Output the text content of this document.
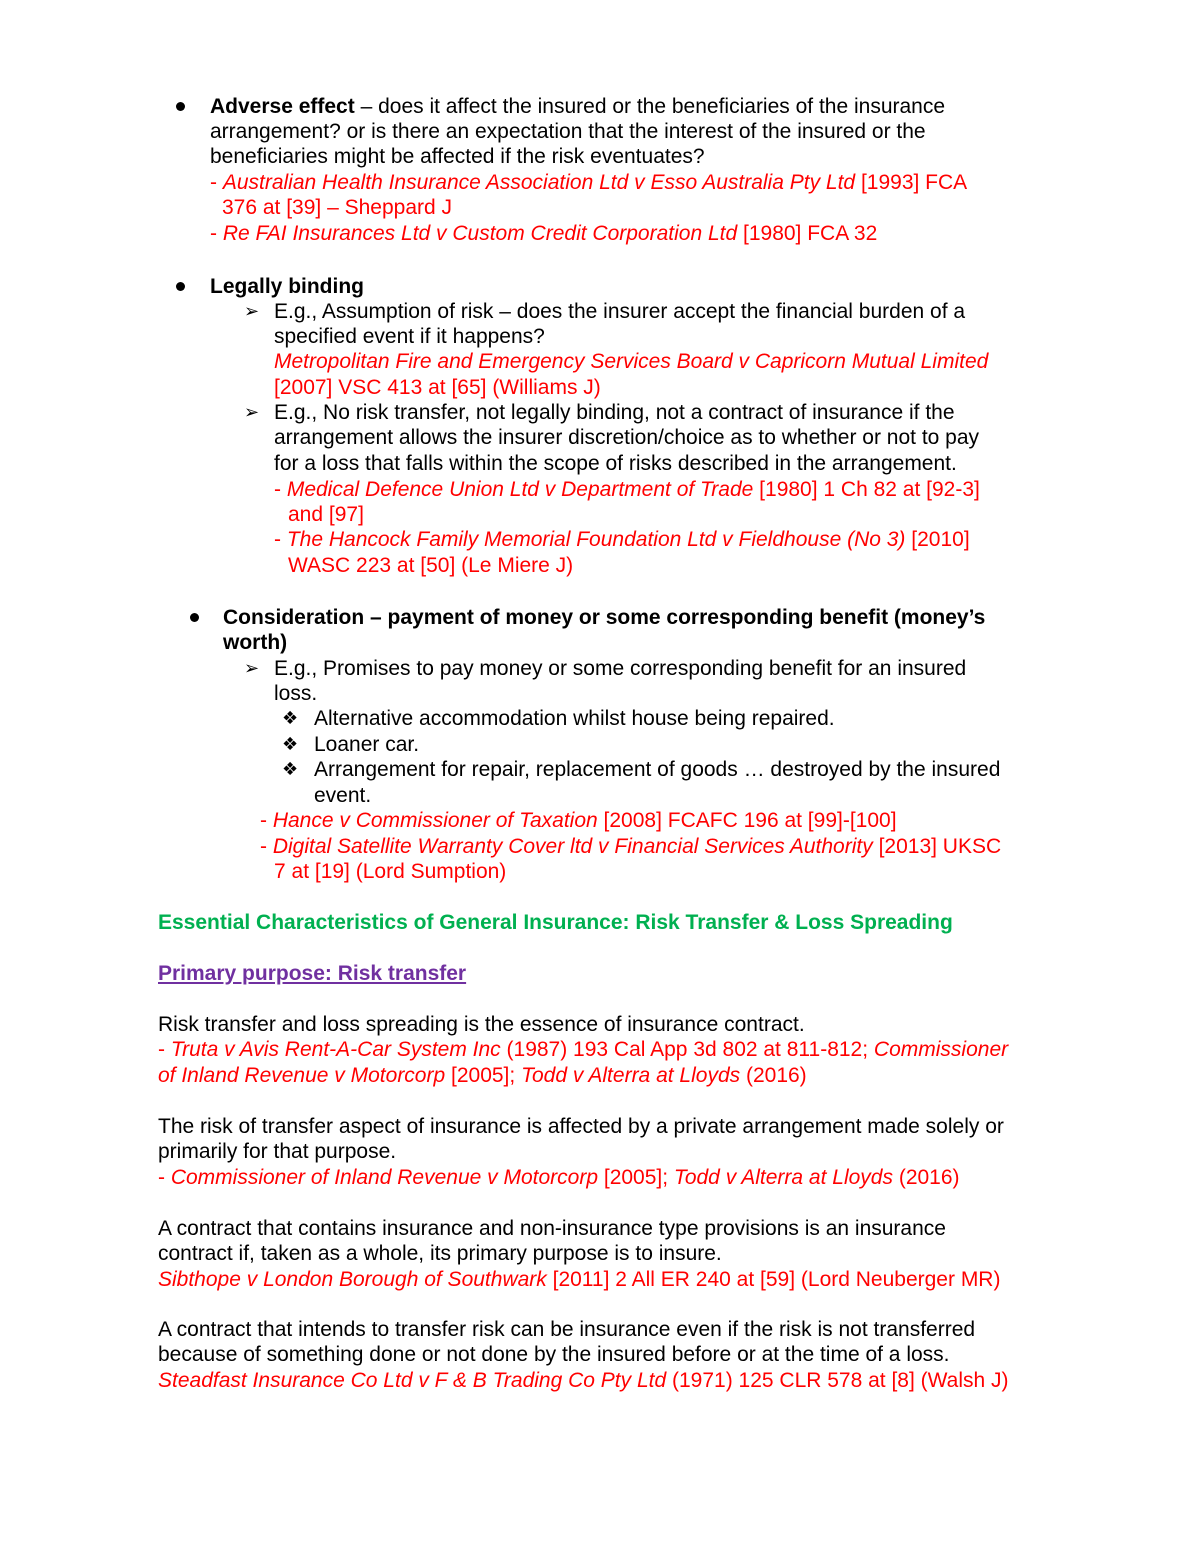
Adverse effect – does it affect the insured or the beneficiaries of the insurance
arrangement? or is there an expectation that the interest of the insured or the
beneficiaries might be affected if the risk eventuates?
- Australian Health Insurance Association Ltd v Esso Australia Pty Ltd [1993] FCA
376 at [39] – Sheppard J
- Re FAI Insurances Ltd v Custom Credit Corporation Ltd [1980] FCA 32
Legally binding
➢ E.g., Assumption of risk – does the insurer accept the financial burden of a
specified event if it happens?
Metropolitan Fire and Emergency Services Board v Capricorn Mutual Limited
[2007] VSC 413 at [65] (Williams J)
➢ E.g., No risk transfer, not legally binding, not a contract of insurance if the
arrangement allows the insurer discretion/choice as to whether or not to pay
for a loss that falls within the scope of risks described in the arrangement.
- Medical Defence Union Ltd v Department of Trade [1980] 1 Ch 82 at [92-3]
and [97]
- The Hancock Family Memorial Foundation Ltd v Fieldhouse (No 3) [2010]
WASC 223 at [50] (Le Miere J)
Consideration – payment of money or some corresponding benefit (money’s
worth)
➢ E.g., Promises to pay money or some corresponding benefit for an insured
loss.
❖ Alternative accommodation whilst house being repaired.
❖ Loaner car.
❖ Arrangement for repair, replacement of goods … destroyed by the insured
event.
- Hance v Commissioner of Taxation [2008] FCAFC 196 at [99]-[100]
- Digital Satellite Warranty Cover ltd v Financial Services Authority [2013] UKSC
7 at [19] (Lord Sumption)
Essential Characteristics of General Insurance: Risk Transfer & Loss Spreading
Primary purpose: Risk transfer
Risk transfer and loss spreading is the essence of insurance contract.
- Truta v Avis Rent-A-Car System Inc (1987) 193 Cal App 3d 802 at 811-812; Commissioner
of Inland Revenue v Motorcorp [2005]; Todd v Alterra at Lloyds (2016)
The risk of transfer aspect of insurance is affected by a private arrangement made solely or
primarily for that purpose.
- Commissioner of Inland Revenue v Motorcorp [2005]; Todd v Alterra at Lloyds (2016)
A contract that contains insurance and non-insurance type provisions is an insurance
contract if, taken as a whole, its primary purpose is to insure.
Sibthope v London Borough of Southwark [2011] 2 All ER 240 at [59] (Lord Neuberger MR)
A contract that intends to transfer risk can be insurance even if the risk is not transferred
because of something done or not done by the insured before or at the time of a loss.
Steadfast Insurance Co Ltd v F & B Trading Co Pty Ltd (1971) 125 CLR 578 at [8] (Walsh J)
